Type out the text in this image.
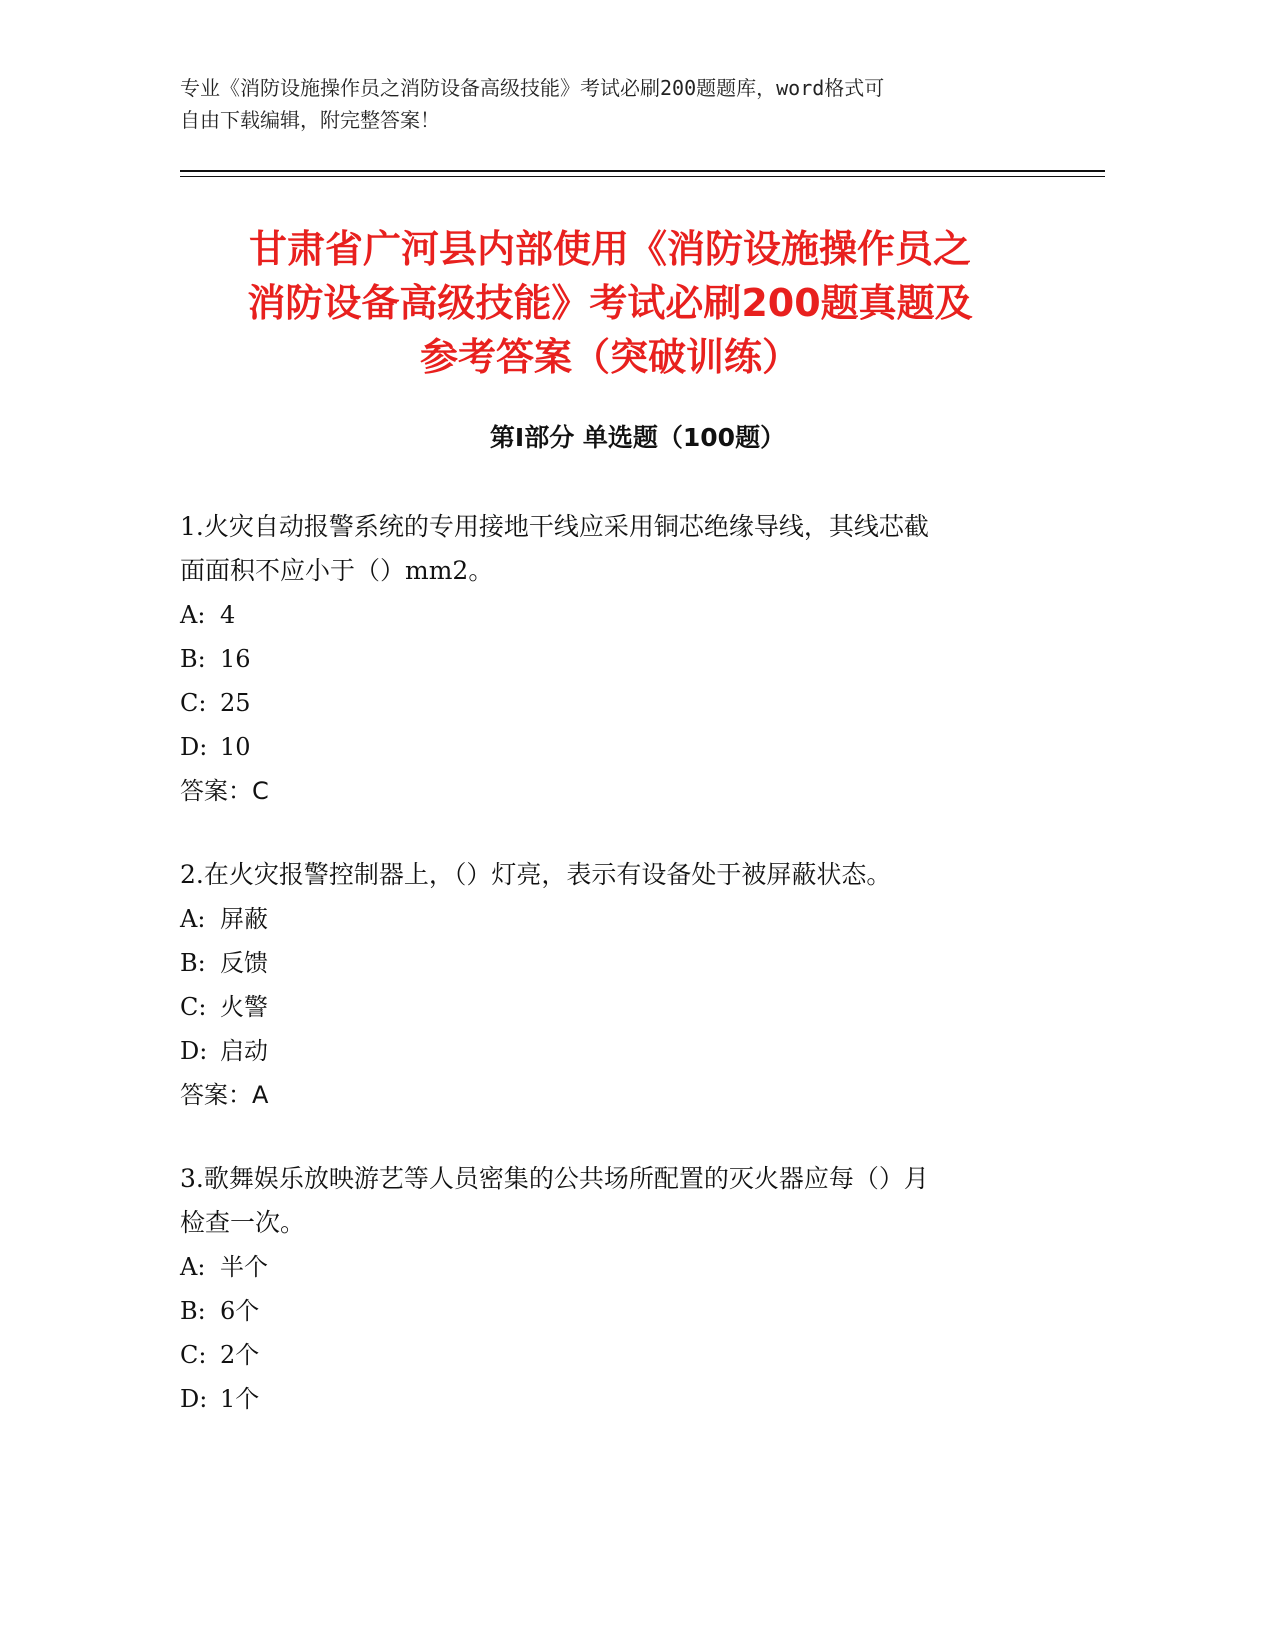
专业《消防设施操作员之消防设备高级技能》考试必刷200题题库，word格式可
自由下载编辑，附完整答案！
甘肃省广河县内部使用《消防设施操作员之
消防设备高级技能》考试必刷200题真题及
参考答案（突破训练）
第I部分 单选题（100题）
1.火灾自动报警系统的专用接地干线应采用铜芯绝缘导线，其线芯截
面面积不应小于（）mm2。
A: 4
B: 16
C: 25
D: 10
答案：C
2.在火灾报警控制器上，（）灯亮，表示有设备处于被屏蔽状态。
A: 屏蔽
B: 反馈
C: 火警
D: 启动
答案：A
3.歌舞娱乐放映游艺等人员密集的公共场所配置的灭火器应每（）月
检查一次。
A: 半个
B: 6个
C: 2个
D: 1个
